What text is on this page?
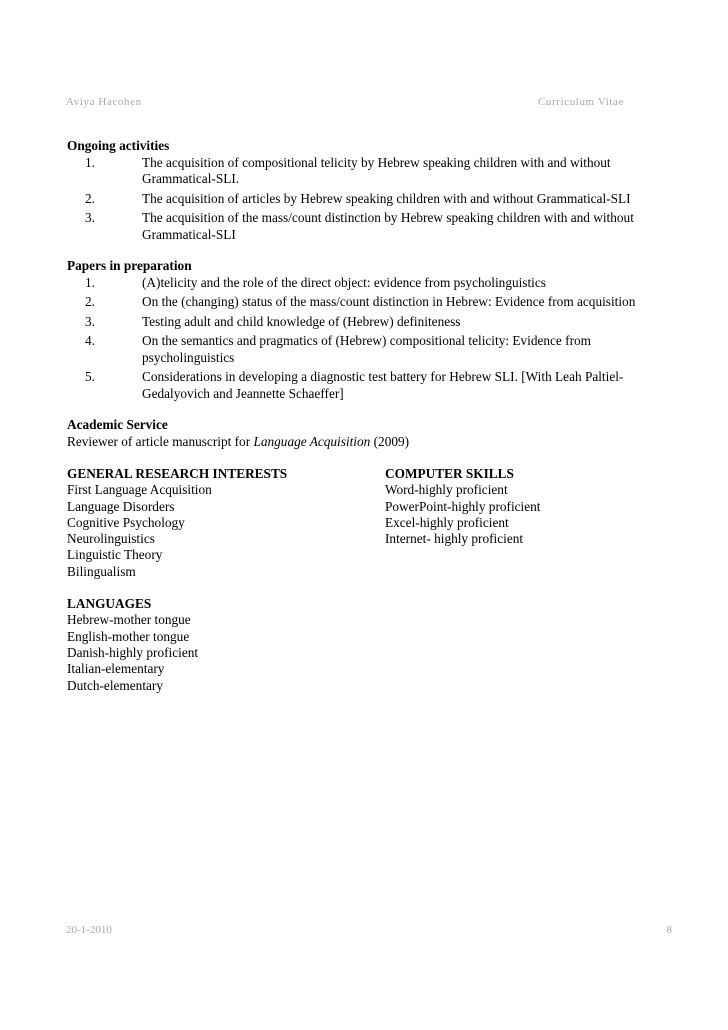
Aviya Hacohen	Curriculum Vitae
Ongoing activities
1.	The acquisition of compositional telicity by Hebrew speaking children with and without Grammatical-SLI.
2.	The acquisition of articles by Hebrew speaking children with and without Grammatical-SLI
3.	The acquisition of the mass/count distinction by Hebrew speaking children with and without Grammatical-SLI
Papers in preparation
1.	(A)telicity and the role of the direct object: evidence from psycholinguistics
2.	On the (changing) status of the mass/count distinction in Hebrew: Evidence from acquisition
3.	Testing adult and child knowledge of (Hebrew) definiteness
4.	On the semantics and pragmatics of (Hebrew) compositional telicity: Evidence from psycholinguistics
5.	Considerations in developing a diagnostic test battery for Hebrew SLI. [With Leah Paltiel-Gedalyovich and Jeannette Schaeffer]
Academic Service
Reviewer of article manuscript for Language Acquisition (2009)
GENERAL RESEARCH INTERESTS
First Language Acquisition
Language Disorders
Cognitive Psychology
Neurolinguistics
Linguistic Theory
Bilingualism
COMPUTER SKILLS
Word-highly proficient
PowerPoint-highly proficient
Excel-highly proficient
Internet- highly proficient
LANGUAGES
Hebrew-mother tongue
English-mother tongue
Danish-highly proficient
Italian-elementary
Dutch-elementary
20-1-2010	8
